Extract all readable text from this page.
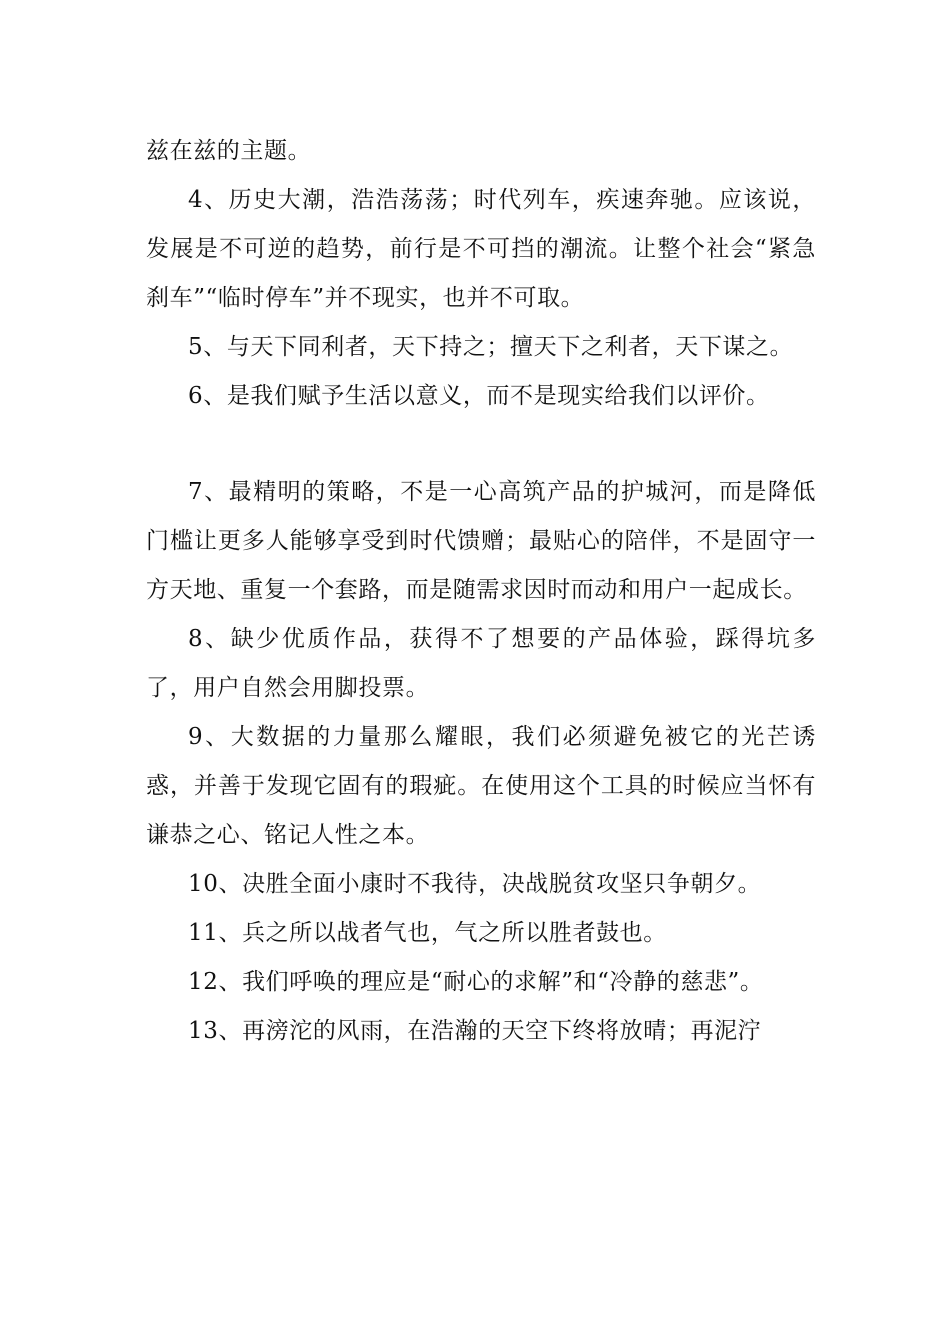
兹在兹的主题。

4、历史大潮，浩浩荡荡；时代列车，疾速奔驰。应该说，发展是不可逆的趋势，前行是不可挡的潮流。让整个社会“紧急刹车”“临时停车”并不现实，也并不可取。

5、与天下同利者，天下持之；擅天下之利者，天下谋之。

6、是我们赋予生活以意义，而不是现实给我们以评价。

7、最精明的策略，不是一心高筑产品的护城河，而是降低门槛让更多人能够享受到时代馈赠；最贴心的陪伴，不是固守一方天地、重复一个套路，而是随需求因时而动和用户一起成长。

8、缺少优质作品，获得不了想要的产品体验，踩得坑多了，用户自然会用脚投票。

9、大数据的力量那么耀眼，我们必须避免被它的光芒诱惑，并善于发现它固有的瑕疵。在使用这个工具的时候应当怀有谦恭之心、铭记人性之本。

10、决胜全面小康时不我待，决战脱贫攻坚只争朝夕。

11、兵之所以战者气也，气之所以胜者鼓也。

12、我们呼唤的理应是“耐心的求解”和“冷静的慈悲”。

13、再滂沱的风雨，在浩瀚的天空下终将放晴；再泥泞
